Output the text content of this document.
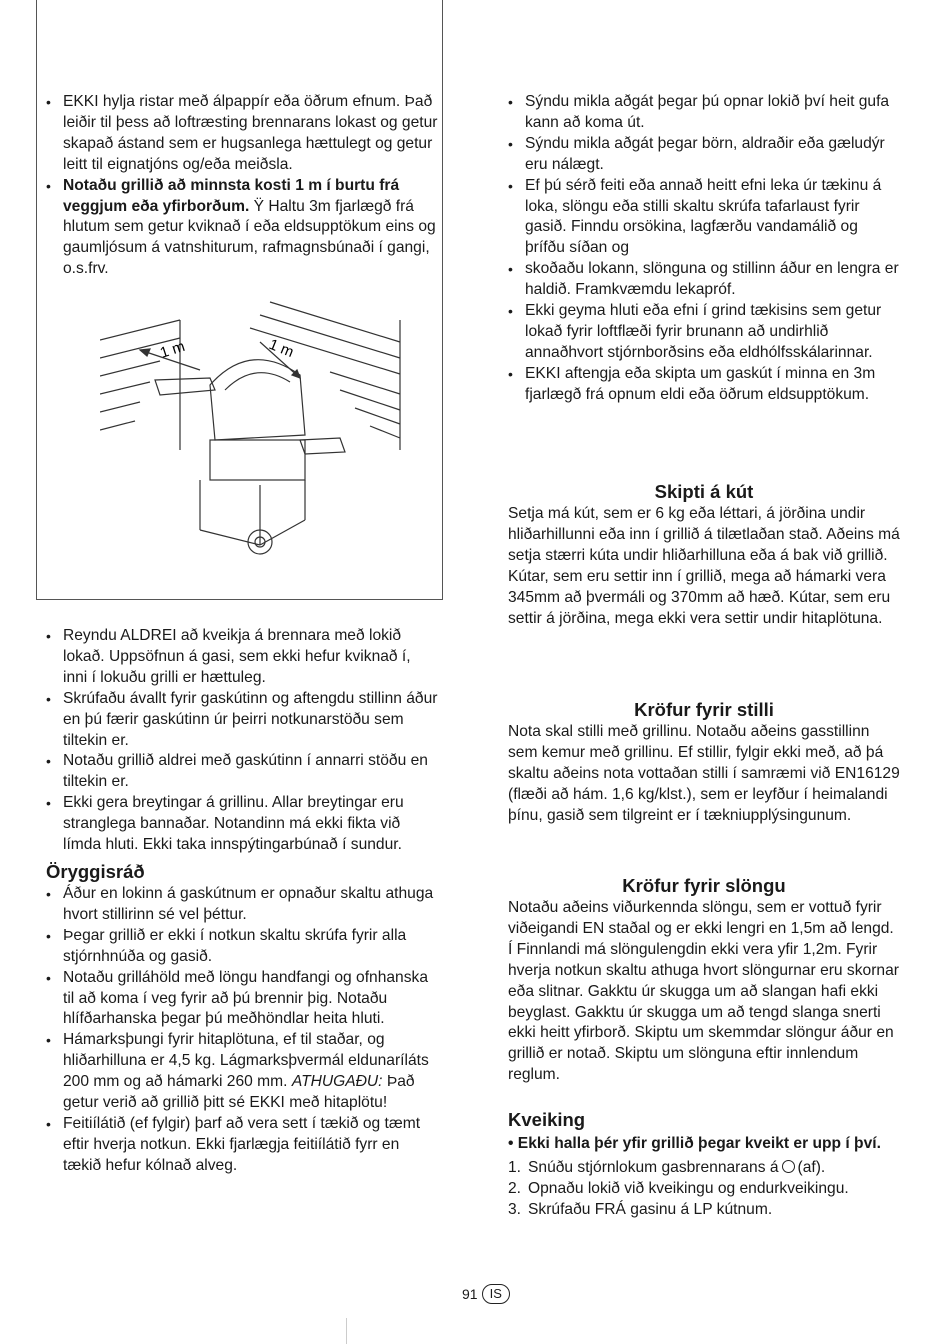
• EKKI hylja ristar með álpappír eða öðrum efnum. Það leiðir til þess að loftræsting brennarans lokast og getur skapað ástand sem er hugsanlega hættulegt og getur leitt til eignatjóns og/eða meiðsla.
• Notaðu grillið að minnsta kosti 1 m í burtu frá veggjum eða yfirborðum. Ÿ Haltu 3m fjarlægð frá hlutum sem getur kviknað í eða eldsupptökum eins og gaumljósum á vatnshiturum, rafmagnsbúnaði í gangi, o.s.frv.
1 m	1 m
• Reyndu ALDREI að kveikja á brennara með lokið lokað. Uppsöfnun á gasi, sem ekki hefur kviknað í, inni í lokuðu grilli er hættuleg.
• Skrúfaðu ávallt fyrir gaskútinn og aftengdu stillinn áður en þú færir gaskútinn úr þeirri notkunarstöðu sem tiltekin er.
• Notaðu grillið aldrei með gaskútinn í annarri stöðu en tiltekin er.
• Ekki gera breytingar á grillinu. Allar breytingar eru stranglega bannaðar. Notandinn má ekki fikta við límda hluti. Ekki taka innspýtingarbúnað í sundur.
Öryggisráð
• Áður en lokinn á gaskútnum er opnaður skaltu athuga hvort stillirinn sé vel þéttur.
• Þegar grillið er ekki í notkun skaltu skrúfa fyrir alla stjórnhnúða og gasið.
• Notaðu grilláhöld með löngu handfangi og ofnhanska til að koma í veg fyrir að þú brennir þig. Notaðu hlífðarhanska þegar þú meðhöndlar heita hluti.
• Hámarksþungi fyrir hitaplötuna, ef til staðar, og hliðarhilluna er 4,5 kg. Lágmarksþvermál eldunaríláts 200 mm og að hámarki 260 mm. ATHUGAÐU: Það getur verið að grillið þitt sé EKKI með hitaplötu!
• Feitiílátið (ef fylgir) þarf að vera sett í tækið og tæmt eftir hverja notkun. Ekki fjarlægja feitiílátið fyrr en tækið hefur kólnað alveg.
• Sýndu mikla aðgát þegar þú opnar lokið því heit gufa kann að koma út.
• Sýndu mikla aðgát þegar börn, aldraðir eða gæludýr eru nálægt.
• Ef þú sérð feiti eða annað heitt efni leka úr tækinu á loka, slöngu eða stilli skaltu skrúfa tafarlaust fyrir gasið. Finndu orsökina, lagfærðu vandamálið og þrífðu síðan og
• skoðaðu lokann, slönguna og stillinn áður en lengra er haldið. Framkvæmdu lekapróf.
• Ekki geyma hluti eða efni í grind tækisins sem getur lokað fyrir loftflæði fyrir brunann að undirhlið annaðhvort stjórnborðsins eða eldhólfsskálarinnar.
• EKKI aftengja eða skipta um gaskút í minna en 3m fjarlægð frá opnum eldi eða öðrum eldsupptökum.
Skipti á kút

Setja má kút, sem er 6 kg eða léttari, á jörðina undir hliðarhillunni eða inn í grillið á tilætlaðan stað. Aðeins má setja stærri kúta undir hliðarhilluna eða á bak við grillið. Kútar, sem eru settir inn í grillið, mega að hámarki vera 345mm að þvermáli og 370mm að hæð. Kútar, sem eru settir á jörðina, mega ekki vera settir undir hitaplötuna.

Kröfur fyrir stilli

Nota skal stilli með grillinu. Notaðu aðeins gasstillinn sem kemur með grillinu. Ef stillir, fylgir ekki með, að þá skaltu aðeins nota vottaðan stilli í samræmi við EN16129 (flæði að hám. 1,6 kg/klst.), sem er leyfður í heimalandi þínu, gasið sem tilgreint er í tækniupplýsingunum.

Kröfur fyrir slöngu

Notaðu aðeins viðurkennda slöngu, sem er vottuð fyrir viðeigandi EN staðal og er ekki lengri en 1,5m að lengd. Í Finnlandi má slöngulengdin ekki vera yfir 1,2m. Fyrir hverja notkun skaltu athuga hvort slöngurnar eru skornar eða slitnar. Gakktu úr skugga um að slangan hafi ekki beyglast. Gakktu úr skugga um að tengd slanga snerti ekki heitt yfirborð. Skiptu um skemmdar slöngur áður en grillið er notað. Skiptu um slönguna eftir innlendum reglum.

Kveiking

• Ekki halla þér yfir grillið þegar kveikt er upp í því.

1. Snúðu stjórnlokum gasbrennarans á (af).
2. Opnaðu lokið við kveikingu og endurkveikingu.
3. Skrúfaðu FRÁ gasinu á LP kútnum.
91 IS
